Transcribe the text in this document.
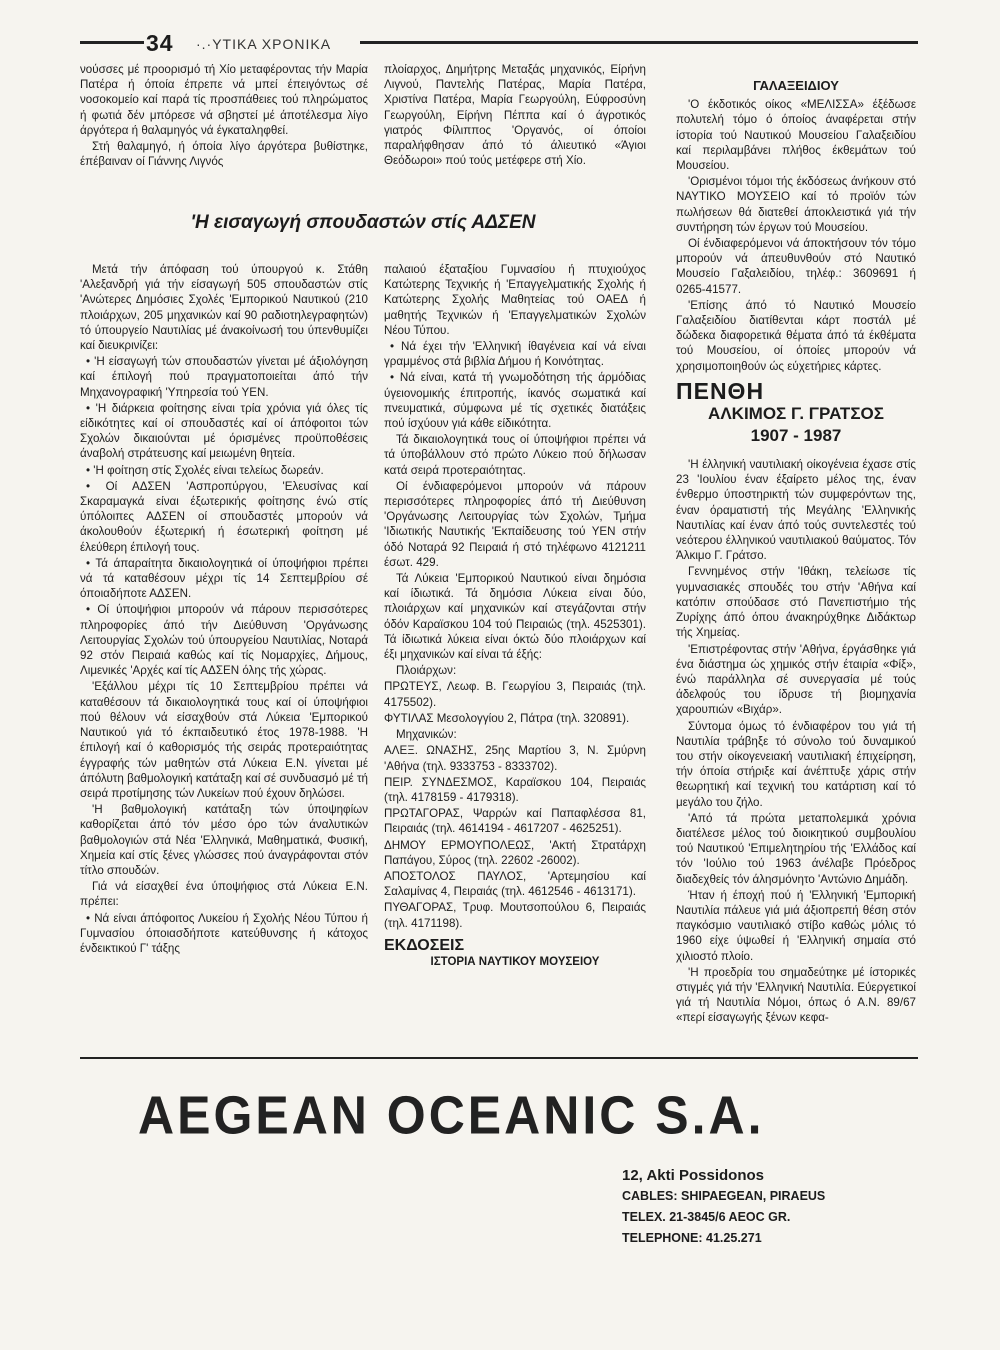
34 ·.·ΥΤΙΚΑ ΧΡΟΝΙΚΑ

νούσσες μέ προορισμό τή Χίο μεταφέροντας τήν Μαρία Πατέρα ή όποία έπρεπε νά μπεί έπειγόντως σέ νοσοκομείο καί παρά τίς προσπάθειες τού πληρώματος ή φωτιά δέν μπόρεσε νά σβηστεί μέ άποτέλεσμα λίγο άργότερα ή θαλαμηγός νά έγκαταληφθεί.

Στή θαλαμηγό, ή όποία λίγο άργότερα βυθίστηκε, έπέβαιναν οί Γιάννης Λιγνός

πλοίαρχος, Δημήτρης Μεταξάς μηχανικός, Είρήνη Λιγνού, Παντελής Πατέρας, Μαρία Πατέρα, Χριστίνα Πατέρα, Μαρία Γεωργούλη, Εύφροσύνη Γεωργούλη, Είρήνη Πέππα καί ό άγροτικός γιατρός Φίλιππος 'Οργανός, οί όποίοι παραλήφθησαν άπό τό άλιευτικό «Άγιοι Θεόδωροι» πού τούς μετέφερε στή Χίο.

'Η εισαγωγή σπουδαστών στίς ΑΔΣΕΝ

Μετά τήν άπόφαση τού ύπουργού κ. Στάθη 'Αλεξανδρή γιά τήν είσαγωγή 505 σπουδαστών στίς 'Ανώτερες Δημόσιες Σχολές 'Εμπορικού Ναυτικού (210 πλοιάρχων, 205 μηχανικών καί 90 ραδιοτηλεγραφητών) τό ύπουργείο Ναυτιλίας μέ άνακοίνωσή του ύπενθυμίζει καί διευκρινίζει:

• 'Η είσαγωγή τών σπουδαστών γίνεται μέ άξιολόγηση καί έπιλογή πού πραγματοποιείται άπό τήν Μηχανογραφική 'Υπηρεσία τού ΥΕΝ.

• 'Η διάρκεια φοίτησης είναι τρία χρόνια γιά όλες τίς είδικότητες καί οί σπουδαστές καί οί άπόφοιτοι τών Σχολών δικαιούνται μέ όρισμένες προϋποθέσεις άναβολή στράτευσης καί μειωμένη θητεία.

• 'Η φοίτηση στίς Σχολές είναι τελείως δωρεάν.

• Οί ΑΔΣΕΝ 'Ασπροπύργου, 'Ελευσίνας καί Σκαραμαγκά είναι έξωτερικής φοίτησης ένώ στίς ύπόλοιπες ΑΔΣΕΝ οί σπουδαστές μπορούν νά άκολουθούν έξωτερική ή έσωτερική φοίτηση μέ έλεύθερη έπιλογή τους.

• Τά άπαραίτητα δικαιολογητικά οί ύποψήφιοι πρέπει νά τά καταθέσουν μέχρι τίς 14 Σεπτεμβρίου σέ όποιαδήποτε ΑΔΣΕΝ.

• Οί ύποψήφιοι μπορούν νά πάρουν περισσότερες πληροφορίες άπό τήν Διεύθυνση 'Οργάνωσης Λειτουργίας Σχολών τού ύπουργείου Ναυτιλίας, Νοταρά 92 στόν Πειραιά καθώς καί τίς Νομαρχίες, Δήμους, Λιμενικές 'Αρχές καί τίς ΑΔΣΕΝ όλης τής χώρας.

'Εξάλλου μέχρι τίς 10 Σεπτεμβρίου πρέπει νά καταθέσουν τά δικαιολογητικά τους καί οί ύποψήφιοι πού θέλουν νά είσαχθούν στά Λύκεια 'Εμπορικού Ναυτικού γιά τό έκπαιδευτικό έτος 1978-1988. 'Η έπιλογή καί ό καθορισμός τής σειράς προτεραιότητας έγγραφής τών μαθητών στά Λύκεια Ε.Ν. γίνεται μέ άπόλυτη βαθμολογική κατάταξη καί σέ συνδυασμό μέ τή σειρά προτίμησης τών Λυκείων πού έχουν δηλώσει.

'Η βαθμολογική κατάταξη τών ύποψηφίων καθορίζεται άπό τόν μέσο όρο τών άναλυτικών βαθμολογιών στά Νέα 'Ελληνικά, Μαθηματικά, Φυσική, Χημεία καί στίς ξένες γλώσσες πού άναγράφονται στόν τίτλο σπουδών.

Γιά νά είσαχθεί ένα ύποψήφιος στά Λύκεια Ε.Ν. πρέπει:

• Νά είναι άπόφοιτος Λυκείου ή Σχολής Νέου Τύπου ή Γυμνασίου όποιασδήποτε κατεύθυνσης ή κάτοχος ένδεικτικού Γ' τάξης

παλαιού έξαταξίου Γυμνασίου ή πτυχιούχος Κατώτερης Τεχνικής ή 'Επαγγελματικής Σχολής ή Κατώτερης Σχολής Μαθητείας τού ΟΑΕΔ ή μαθητής Τεχνικών ή 'Επαγγελματικών Σχολών Νέου Τύπου.

• Νά έχει τήν 'Ελληνική ίθαγένεια καί νά είναι γραμμένος στά βιβλία Δήμου ή Κοινότητας.

• Νά είναι, κατά τή γνωμοδότηση τής άρμόδιας ύγειονομικής έπιτροπής, ίκανός σωματικά καί πνευματικά, σύμφωνα μέ τίς σχετικές διατάξεις πού ίσχύουν γιά κάθε είδικότητα.

Τά δικαιολογητικά τους οί ύποψήφιοι πρέπει νά τά ύποβάλλουν στό πρώτο Λύκειο πού δήλωσαν κατά σειρά προτεραιότητας.

Οί ένδιαφερόμενοι μπορούν νά πάρουν περισσότερες πληροφορίες άπό τή Διεύθυνση 'Οργάνωσης Λειτουργίας τών Σχολών, Τμήμα 'Ιδιωτικής Ναυτικής 'Εκπαίδευσης τού ΥΕΝ στήν όδό Νοταρά 92 Πειραιά ή στό τηλέφωνο 4121211 έσωτ. 429.

Τά Λύκεια 'Εμπορικού Ναυτικού είναι δημόσια καί ίδιωτικά. Τά δημόσια Λύκεια είναι δύο, πλοιάρχων καί μηχανικών καί στεγάζονται στήν όδόν Καραϊσκου 104 τού Πειραιώς (τηλ. 4525301). Τά ίδιωτικά λύκεια είναι όκτώ δύο πλοιάρχων καί έξι μηχανικών καί είναι τά έξής:

Πλοιάρχων:

ΠΡΩΤΕΥΣ, Λεωφ. Β. Γεωργίου 3, Πειραιάς (τηλ. 4175502).

ΦΥΤΙΛΑΣ Μεσολογγίου 2, Πάτρα (τηλ. 320891).

Μηχανικών:

ΑΛΕΞ. ΩΝΑΣΗΣ, 25ης Μαρτίου 3, Ν. Σμύρνη 'Αθήνα (τηλ. 9333753 - 8333702).

ΠΕΙΡ. ΣΥΝΔΕΣΜΟΣ, Καραϊσκου 104, Πειραιάς (τηλ. 4178159 - 4179318).

ΠΡΩΤΑΓΟΡΑΣ, Ψαρρών καί Παπαφλέσσα 81, Πειραιάς (τηλ. 4614194 - 4617207 - 4625251).

ΔΗΜΟΥ ΕΡΜΟΥΠΟΛΕΩΣ, 'Ακτή Στρατάρχη Παπάγου, Σύρος (τηλ. 22602 -26002).

ΑΠΟΣΤΟΛΟΣ ΠΑΥΛΟΣ, 'Αρτεμησίου καί Σαλαμίνας 4, Πειραιάς (τηλ. 4612546 - 4613171).

ΠΥΘΑΓΟΡΑΣ, Τρυφ. Μουτσοπούλου 6, Πειραιάς (τηλ. 4171198).

ΕΚΔΟΣΕΙΣ
ΙΣΤΟΡΙΑ ΝΑΥΤΙΚΟΥ ΜΟΥΣΕΙΟΥ
ΓΑΛΑΞΕΙΔΙΟΥ

'Ο έκδοτικός οίκος «ΜΕΛΙΣΣΑ» έξέδωσε πολυτελή τόμο ό όποίος άναφέρεται στήν ίστορία τού Ναυτικού Μουσείου Γαλαξειδίου καί περιλαμβάνει πλήθος έκθεμάτων τού Μουσείου.

'Ορισμένοι τόμοι τής έκδόσεως άνήκουν στό ΝΑΥΤΙΚΟ ΜΟΥΣΕΙΟ καί τό προϊόν τών πωλήσεων θά διατεθεί άποκλειστικά γιά τήν συντήρηση τών έργων τού Μουσείου.

Οί ένδιαφερόμενοι νά άποκτήσουν τόν τόμο μπορούν νά άπευθυνθούν στό Ναυτικό Μουσείο Γαξαλειδίου, τηλέφ.: 3609691 ή 0265-41577.

'Επίσης άπό τό Ναυτικό Μουσείο Γαλαξειδίου διατίθενται κάρτ ποστάλ μέ δώδεκα διαφορετικά θέματα άπό τά έκθέματα τού Μουσείου, οί όποίες μπορούν νά χρησιμοποιηθούν ώς εύχετήριες κάρτες.

ΠΕΝΘΗ
ΑΛΚΙΜΟΣ Γ. ΓΡΑΤΣΟΣ
1907 - 1987

'Η έλληνική ναυτιλιακή οίκογένεια έχασε στίς 23 'Ιουλίου έναν έξαίρετο μέλος της, έναν ένθερμο ύποστηρικτή τών συμφερόντων της, έναν όραματιστή τής Μεγάλης 'Ελληνικής Ναυτιλίας καί έναν άπό τούς συντελεστές τού νεότερου έλληνικού ναυτιλιακού θαύματος. Τόν Άλκιμο Γ. Γράτσο.

Γεννημένος στήν 'Ιθάκη, τελείωσε τίς γυμνασιακές σπουδές του στήν 'Αθήνα καί κατόπιν σπούδασε στό Πανεπιστήμιο τής Ζυρίχης άπό όπου άνακηρύχθηκε Διδάκτωρ τής Χημείας.

'Επιστρέφοντας στήν 'Αθήνα, έργάσθηκε γιά ένα διάστημα ώς χημικός στήν έταιρία «Φίξ», ένώ παράλληλα σέ συνεργασία μέ τούς άδελφούς του ίδρυσε τή βιομηχανία χαρουπιών «Βιχάρ».

Σύντομα όμως τό ένδιαφέρον του γιά τή Ναυτιλία τράβηξε τό σύνολο τού δυναμικού του στήν οίκογενειακή ναυτιλιακή έπιχείρηση, τήν όποία στήριξε καί άνέπτυξε χάρις στήν θεωρητική καί τεχνική του κατάρτιση καί τό μεγάλο του ζήλο.

'Από τά πρώτα μεταπολεμικά χρόνια διατέλεσε μέλος τού διοικητικού συμβουλίου τού Ναυτικού 'Επιμελητηρίου τής 'Ελλάδος καί τόν 'Ιούλιο τού 1963 άνέλαβε Πρόεδρος διαδεχθείς τόν άλησμόνητο 'Αντώνιο Δημάδη.

Ήταν ή έποχή πού ή 'Ελληνική 'Εμπορική Ναυτιλία πάλευε γιά μιά άξιοπρεπή θέση στόν παγκόσμιο ναυτιλιακό στίβο καθώς μόλις τό 1960 είχε ύψωθεί ή 'Ελληνική σημαία στό χιλιοστό πλοίο.

'Η προεδρία του σημαδεύτηκε μέ ίστορικές στιγμές γιά τήν 'Ελληνική Ναυτιλία. Εύεργετικοί γιά τή Ναυτιλία Νόμοι, όπως ό Α.Ν. 89/67 «περί είσαγωγής ξένων κεφα-

AEGEAN OCEANIC S.A.
12, Akti Possidonos
CABLES: SHIPAEGEAN, PIRAEUS
TELEX. 21-3845/6 AEOC GR.
TELEPHONE: 41.25.271
